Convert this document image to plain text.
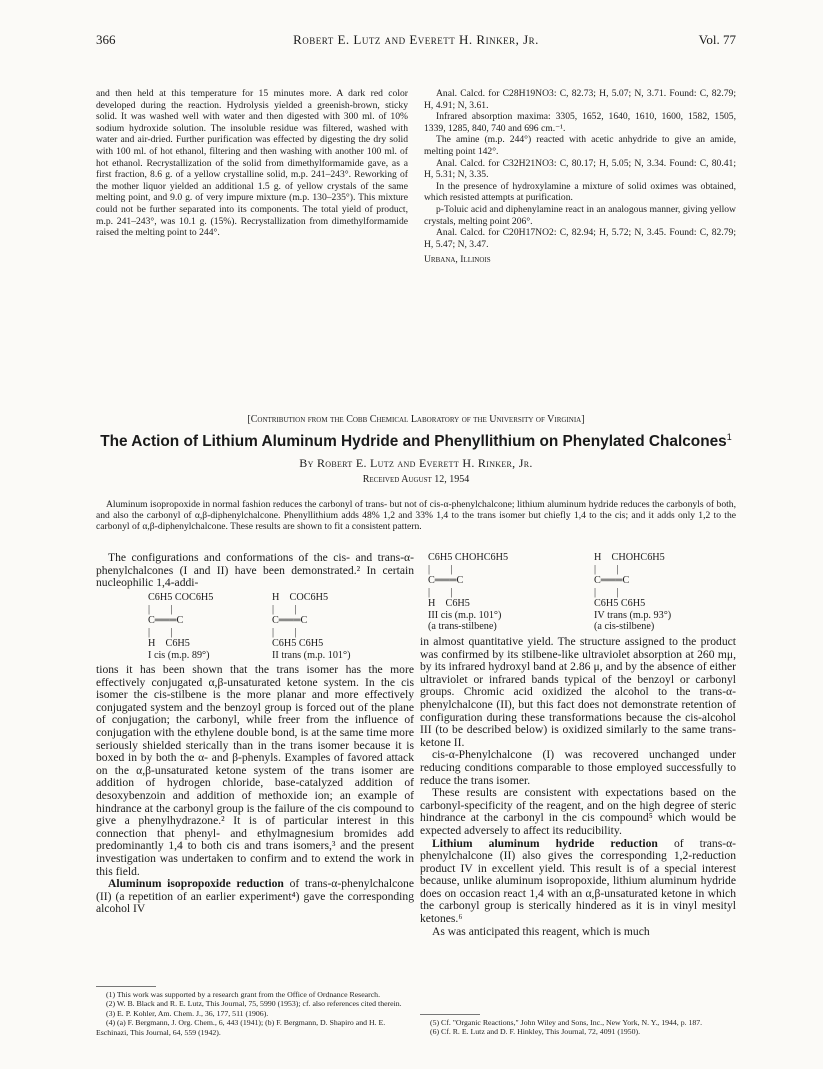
366	Robert E. Lutz and Everett H. Rinker, Jr.	Vol. 77

and then held at this temperature for 15 minutes more. A dark red color developed during the reaction. Hydrolysis yielded a greenish-brown, sticky solid. It was washed well with water and then digested with 300 ml. of 10% sodium hydroxide solution. The insoluble residue was filtered, washed with water and air-dried. Further purification was effected by digesting the dry solid with 100 ml. of hot ethanol, filtering and then washing with another 100 ml. of hot ethanol. Recrystallization of the solid from dimethylformamide gave, as a first fraction, 8.6 g. of a yellow crystalline solid, m.p. 241–243°. Reworking of the mother liquor yielded an additional 1.5 g. of yellow crystals of the same melting point, and 9.0 g. of very impure mixture (m.p. 130–235°). This mixture could not be further separated into its components. The total yield of product, m.p. 241–243°, was 10.1 g. (15%). Recrystallization from dimethylformamide raised the melting point to 244°.

Anal. Calcd. for C28H19NO3: C, 82.73; H, 5.07; N, 3.71. Found: C, 82.79; H, 4.91; N, 3.61.

Infrared absorption maxima: 3305, 1652, 1640, 1610, 1600, 1582, 1505, 1339, 1285, 840, 740 and 696 cm.⁻¹.

The amine (m.p. 244°) reacted with acetic anhydride to give an amide, melting point 142°.

Anal. Calcd. for C32H21NO3: C, 80.17; H, 5.05; N, 3.34. Found: C, 80.41; H, 5.31; N, 3.35.

In the presence of hydroxylamine a mixture of solid oximes was obtained, which resisted attempts at purification.

p-Toluic acid and diphenylamine react in an analogous manner, giving yellow crystals, melting point 206°.

Anal. Calcd. for C20H17NO2: C, 82.94; H, 5.72; N, 3.45. Found: C, 82.79; H, 5.47; N, 3.47.

Urbana, Illinois

[Contribution from the Cobb Chemical Laboratory of the University of Virginia]
The Action of Lithium Aluminum Hydride and Phenyllithium on Phenylated Chalcones$^1$
By Robert E. Lutz and Everett H. Rinker, Jr.
Received August 12, 1954
Aluminum isopropoxide in normal fashion reduces the carbonyl of trans- but not of cis-α-phenylchalcone; lithium aluminum hydride reduces the carbonyls of both, and also the carbonyl of α,β-diphenylchalcone. Phenyllithium adds 48% 1,2 and 33% 1,4 to the trans isomer but chiefly 1,4 to the cis; and it adds only 1,2 to the carbonyl of α,β-diphenylchalcone. These results are shown to fit a consistent pattern.

The configurations and conformations of the cis- and trans-α-phenylchalcones (I and II) have been demonstrated.² In certain nucleophilic 1,4-addi-

C6H5 COC6H5
|  |
C═══C
|  |
H    C6H5
I cis (m.p. 89°)
H    COC6H5
|  |
C═══C
|  |
C6H5 C6H5
II trans (m.p. 101°)

tions it has been shown that the trans isomer has the more effectively conjugated α,β-unsaturated ketone system. In the cis isomer the cis-stilbene is the more planar and more effectively conjugated system and the benzoyl group is forced out of the plane of conjugation; the carbonyl, while freer from the influence of conjugation with the ethylene double bond, is at the same time more seriously shielded sterically than in the trans isomer because it is boxed in by both the α- and β-phenyls. Examples of favored attack on the α,β-unsaturated ketone system of the trans isomer are addition of hydrogen chloride, base-catalyzed addition of desoxybenzoin and addition of methoxide ion; an example of hindrance at the carbonyl group is the failure of the cis compound to give a phenylhydrazone.² It is of particular interest in this connection that phenyl- and ethylmagnesium bromides add predominantly 1,4 to both cis and trans isomers,³ and the present investigation was undertaken to confirm and to extend the work in this field.

Aluminum isopropoxide reduction of trans-α-phenylchalcone (II) (a repetition of an earlier experiment⁴) gave the corresponding alcohol IV

(1) This work was supported by a research grant from the Office of Ordnance Research.

(2) W. B. Black and R. E. Lutz, This Journal, 75, 5990 (1953); cf. also references cited therein.

(3) E. P. Kohler, Am. Chem. J., 36, 177, 511 (1906).

(4) (a) F. Bergmann, J. Org. Chem., 6, 443 (1941); (b) F. Bergmann, D. Shapiro and H. E. Eschinazi, This Journal, 64, 559 (1942).

C6H5 CHOHC6H5
|  |
C═══C
|  |
H    C6H5
III cis (m.p. 101°)
(a trans-stilbene)
H    CHOHC6H5
|  |
C═══C
|  |
C6H5 C6H5
IV trans (m.p. 93°)
(a cis-stilbene)

in almost quantitative yield. The structure assigned to the product was confirmed by its stilbene-like ultraviolet absorption at 260 mμ, by its infrared hydroxyl band at 2.86 μ, and by the absence of either ultraviolet or infrared bands typical of the benzoyl or carbonyl groups. Chromic acid oxidized the alcohol to the trans-α-phenylchalcone (II), but this fact does not demonstrate retention of configuration during these transformations because the cis-alcohol III (to be described below) is oxidized similarly to the same trans-ketone II.

cis-α-Phenylchalcone (I) was recovered unchanged under reducing conditions comparable to those employed successfully to reduce the trans isomer.

These results are consistent with expectations based on the carbonyl-specificity of the reagent, and on the high degree of steric hindrance at the carbonyl in the cis compound⁵ which would be expected adversely to affect its reducibility.

Lithium aluminum hydride reduction of trans-α-phenylchalcone (II) also gives the corresponding 1,2-reduction product IV in excellent yield. This result is of a special interest because, unlike aluminum isopropoxide, lithium aluminum hydride does on occasion react 1,4 with an α,β-unsaturated ketone in which the carbonyl group is sterically hindered as it is in vinyl mesityl ketones.⁶

As was anticipated this reagent, which is much

(5) Cf. "Organic Reactions," John Wiley and Sons, Inc., New York, N. Y., 1944, p. 187.

(6) Cf. R. E. Lutz and D. F. Hinkley, This Journal, 72, 4091 (1950).
